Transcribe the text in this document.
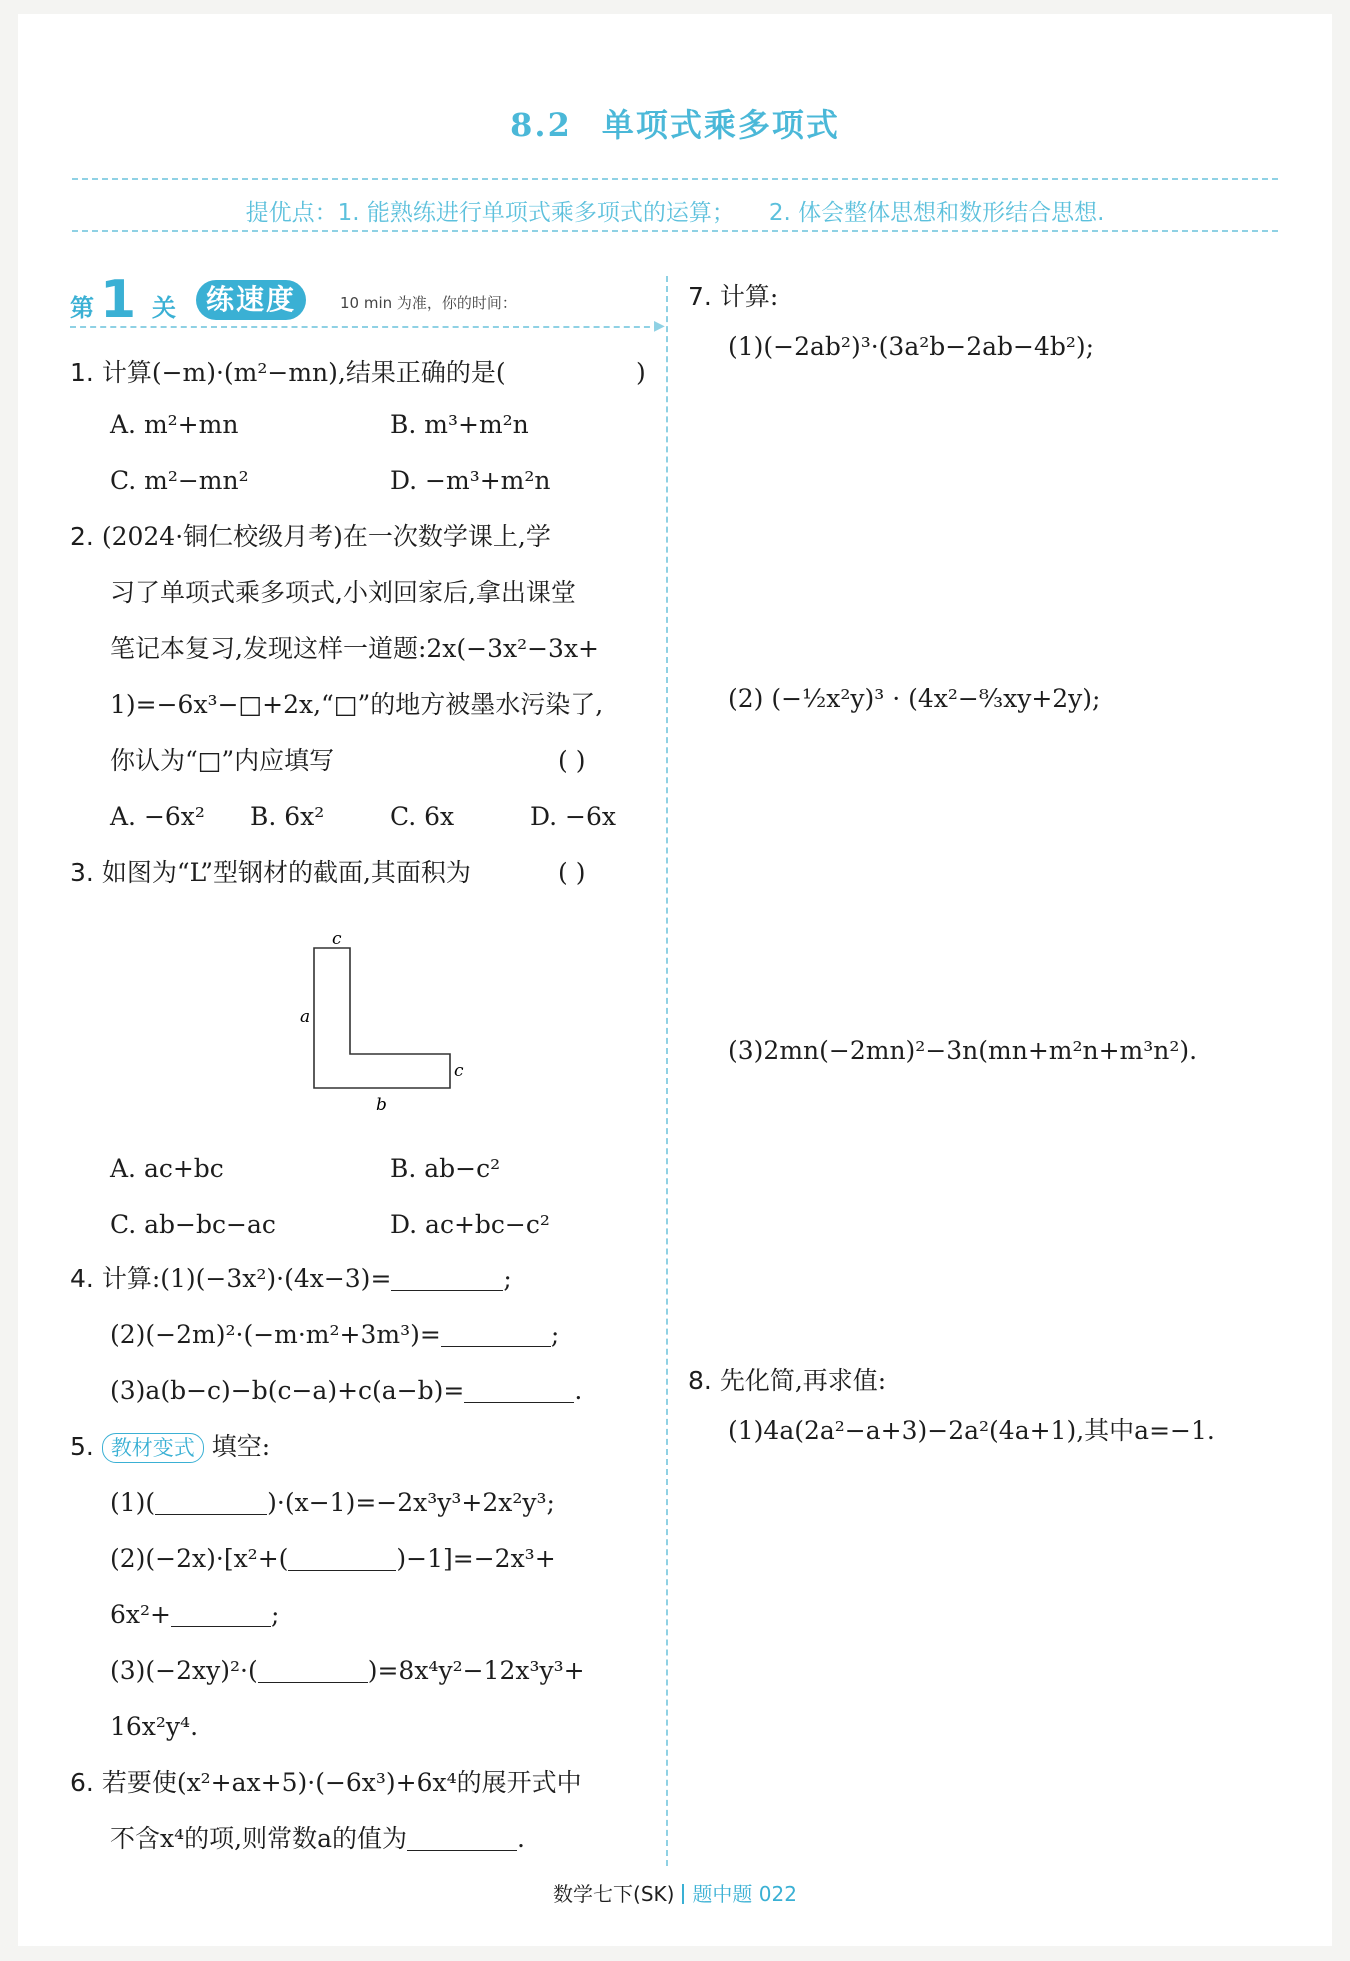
8.2 单项式乘多项式
提优点：1. 能熟练进行单项式乘多项式的运算； 2. 体会整体思想和数形结合思想.
第 1 关	练速度	10 min 为准，你的时间：
▶
1. 计算(−m)·(m²−mn),结果正确的是(	)
A. m²+mn	B. m³+m²n
C. m²−mn²	D. −m³+m²n
2. (2024·铜仁校级月考)在一次数学课上,学
习了单项式乘多项式,小刘回家后,拿出课堂
笔记本复习,发现这样一道题:2x(−3x²−3x+
1)=−6x³−□+2x,“□”的地方被墨水污染了,
你认为“□”内应填写	( )
A. −6x² B. 6x²	C. 6x	D. −6x
3. 如图为“L”型钢材的截面,其面积为	( )
c
a
c
b
A. ac+bc	B. ab−c²
C. ab−bc−ac	D. ac+bc−c²
4. 计算:(1)(−3x²)·(4x−3)=	;
(2)(−2m)²·(−m·m²+3m³)=	;
(3)a(b−c)−b(c−a)+c(a−b)=	.
5. 教材变式 填空:
(1)(	)·(x−1)=−2x³y³+2x²y³;
(2)(−2x)·[x²+(	)−1]=−2x³+
6x²+	;
(3)(−2xy)²·(	)=8x⁴y²−12x³y³+
16x²y⁴.
6. 若要使(x²+ax+5)·(−6x³)+6x⁴的展开式中
不含x⁴的项,则常数a的值为	.
7. 计算:
(1)(−2ab²)³·(3a²b−2ab−4b²);
(2) (−½x²y)³ · (4x²−⁸⁄₃xy+2y);
(3)2mn(−2mn)²−3n(mn+m²n+m³n²).
8. 先化简,再求值:
(1)4a(2a²−a+3)−2a²(4a+1),其中a=−1.
数学七下(SK) 题中题 022
